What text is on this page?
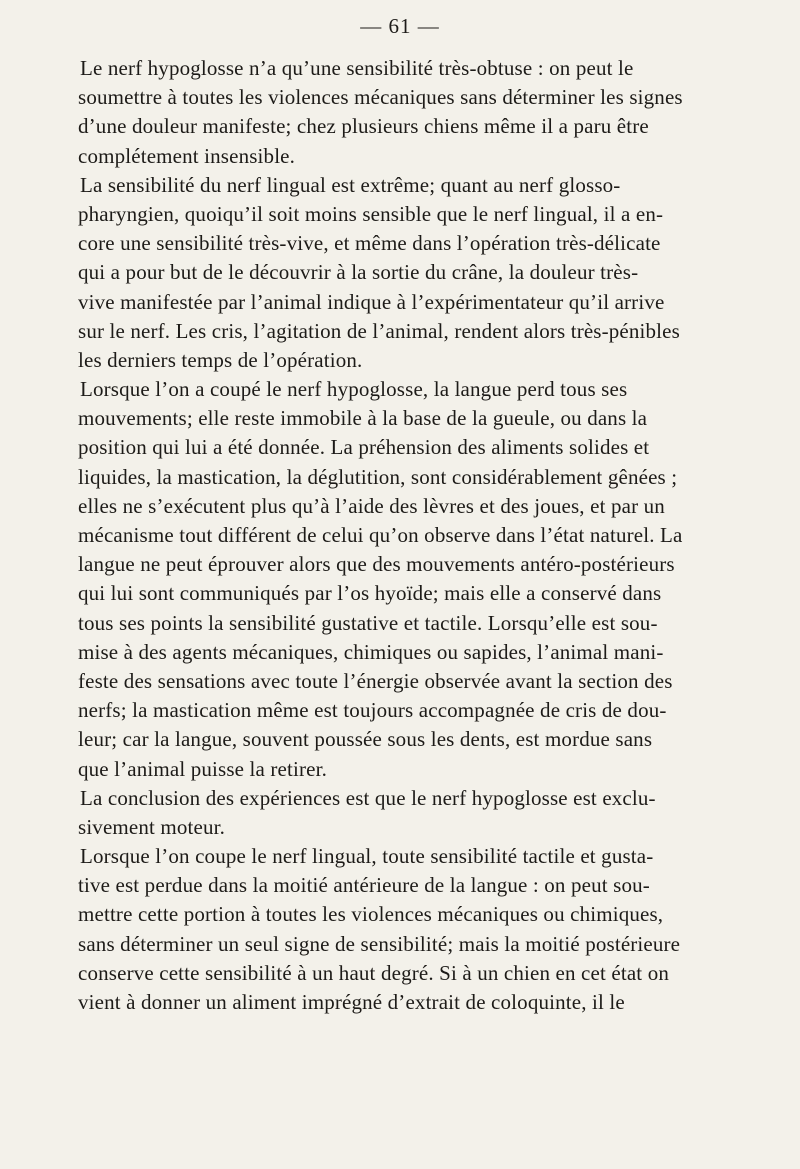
— 61 —
Le nerf hypoglosse n’a qu’une sensibilité très-obtuse : on peut le
soumettre à toutes les violences mécaniques sans déterminer les signes
d’une douleur manifeste; chez plusieurs chiens même il a paru être
complétement insensible.
La sensibilité du nerf lingual est extrême; quant au nerf glosso-
pharyngien, quoiqu’il soit moins sensible que le nerf lingual, il a en-
core une sensibilité très-vive, et même dans l’opération très-délicate
qui a pour but de le découvrir à la sortie du crâne, la douleur très-
vive manifestée par l’animal indique à l’expérimentateur qu’il arrive
sur le nerf. Les cris, l’agitation de l’animal, rendent alors très-pénibles
les derniers temps de l’opération.
Lorsque l’on a coupé le nerf hypoglosse, la langue perd tous ses
mouvements; elle reste immobile à la base de la gueule, ou dans la
position qui lui a été donnée. La préhension des aliments solides et
liquides, la mastication, la déglutition, sont considérablement gênées ;
elles ne s’exécutent plus qu’à l’aide des lèvres et des joues, et par un
mécanisme tout différent de celui qu’on observe dans l’état naturel. La
langue ne peut éprouver alors que des mouvements antéro-postérieurs
qui lui sont communiqués par l’os hyoïde; mais elle a conservé dans
tous ses points la sensibilité gustative et tactile. Lorsqu’elle est sou-
mise à des agents mécaniques, chimiques ou sapides, l’animal mani-
feste des sensations avec toute l’énergie observée avant la section des
nerfs; la mastication même est toujours accompagnée de cris de dou-
leur; car la langue, souvent poussée sous les dents, est mordue sans
que l’animal puisse la retirer.
La conclusion des expériences est que le nerf hypoglosse est exclu-
sivement moteur.
Lorsque l’on coupe le nerf lingual, toute sensibilité tactile et gusta-
tive est perdue dans la moitié antérieure de la langue : on peut sou-
mettre cette portion à toutes les violences mécaniques ou chimiques,
sans déterminer un seul signe de sensibilité; mais la moitié postérieure
conserve cette sensibilité à un haut degré. Si à un chien en cet état on
vient à donner un aliment imprégné d’extrait de coloquinte, il le
